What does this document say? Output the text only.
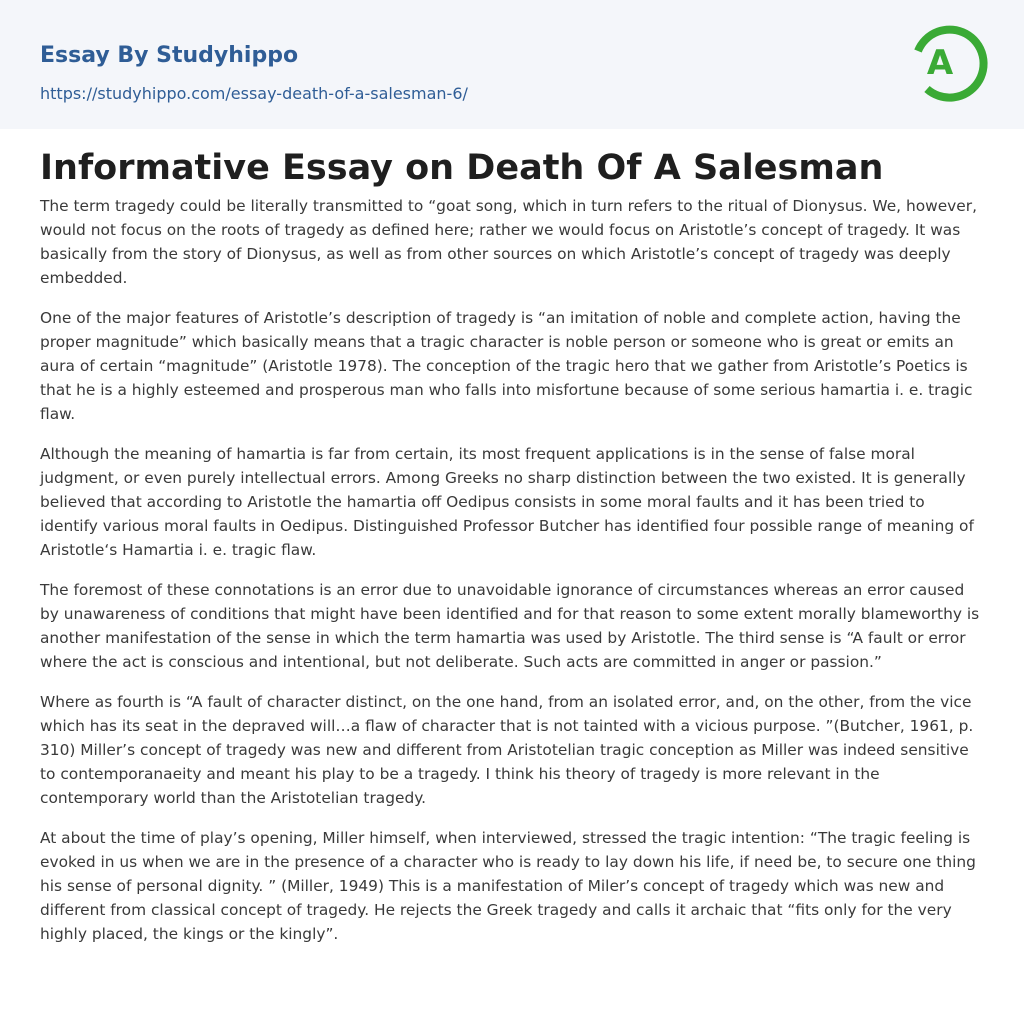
Essay By Studyhippo
https://studyhippo.com/essay-death-of-a-salesman-6/
A
Informative Essay on Death Of A Salesman

The term tragedy could be literally transmitted to “goat song, which in turn refers to the ritual of Dionysus. We, however, would not focus on the roots of tragedy as defined here; rather we would focus on Aristotle’s concept of tragedy. It was basically from the story of Dionysus, as well as from other sources on which Aristotle’s concept of tragedy was deeply embedded.

One of the major features of Aristotle’s description of tragedy is “an imitation of noble and complete action, having the proper magnitude” which basically means that a tragic character is noble person or someone who is great or emits an aura of certain “magnitude” (Aristotle 1978). The conception of the tragic hero that we gather from Aristotle’s Poetics is that he is a highly esteemed and prosperous man who falls into misfortune because of some serious hamartia i. e. tragic flaw.

Although the meaning of hamartia is far from certain, its most frequent applications is in the sense of false moral judgment, or even purely intellectual errors. Among Greeks no sharp distinction between the two existed. It is generally believed that according to Aristotle the hamartia off Oedipus consists in some moral faults and it has been tried to identify various moral faults in Oedipus. Distinguished Professor Butcher has identified four possible range of meaning of Aristotle‘s Hamartia i. e. tragic flaw.

The foremost of these connotations is an error due to unavoidable ignorance of circumstances whereas an error caused by unawareness of conditions that might have been identified and for that reason to some extent morally blameworthy is another manifestation of the sense in which the term hamartia was used by Aristotle. The third sense is “A fault or error where the act is conscious and intentional, but not deliberate. Such acts are committed in anger or passion.”

Where as fourth is “A fault of character distinct, on the one hand, from an isolated error, and, on the other, from the vice which has its seat in the depraved will…a flaw of character that is not tainted with a vicious purpose. ”(Butcher, 1961, p. 310) Miller’s concept of tragedy was new and different from Aristotelian tragic conception as Miller was indeed sensitive to contemporanaeity and meant his play to be a tragedy. I think his theory of tragedy is more relevant in the contemporary world than the Aristotelian tragedy.

At about the time of play’s opening, Miller himself, when interviewed, stressed the tragic intention: “The tragic feeling is evoked in us when we are in the presence of a character who is ready to lay down his life, if need be, to secure one thing his sense of personal dignity. ” (Miller, 1949) This is a manifestation of Miler’s concept of tragedy which was new and different from classical concept of tragedy. He rejects the Greek tragedy and calls it archaic that “fits only for the very highly placed, the kings or the kingly”.
